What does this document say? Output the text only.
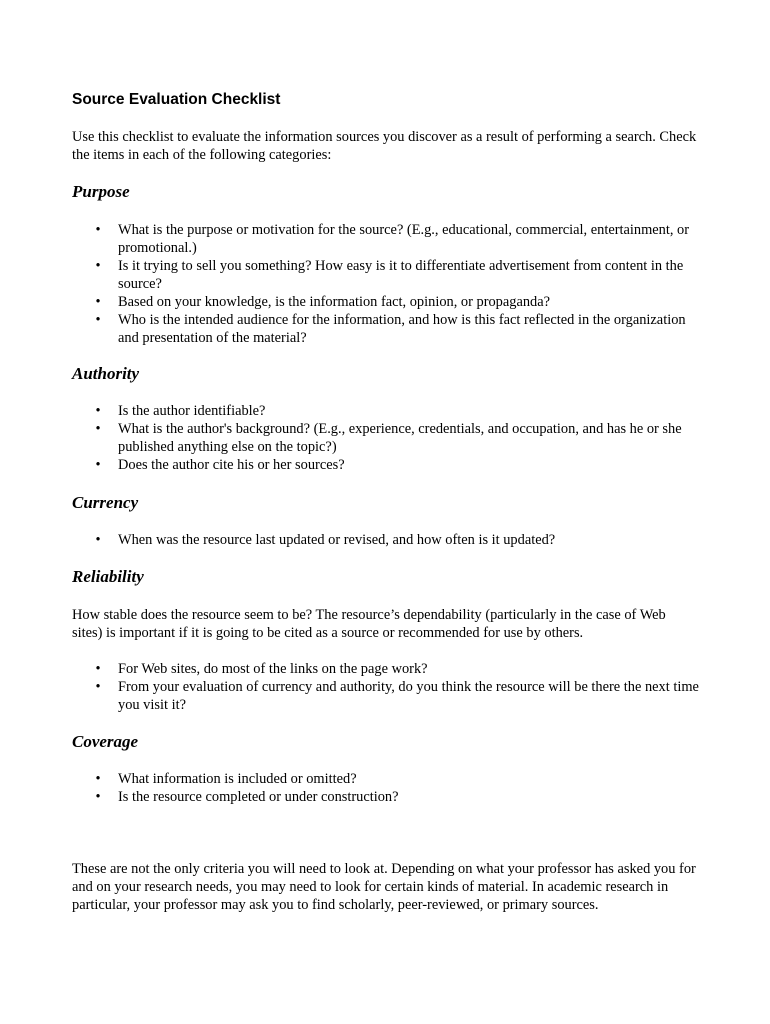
Source Evaluation Checklist

Use this checklist to evaluate the information sources you discover as a result of performing a search. Check the items in each of the following categories:

Purpose
• What is the purpose or motivation for the source? (E.g., educational, commercial, entertainment, or promotional.)
• Is it trying to sell you something? How easy is it to differentiate advertisement from content in the source?
• Based on your knowledge, is the information fact, opinion, or propaganda?
• Who is the intended audience for the information, and how is this fact reflected in the organization and presentation of the material?
Authority
• Is the author identifiable?
• What is the author's background? (E.g., experience, credentials, and occupation, and has he or she published anything else on the topic?)
• Does the author cite his or her sources?
Currency
• When was the resource last updated or revised, and how often is it updated?
Reliability

How stable does the resource seem to be? The resource’s dependability (particularly in the case of Web sites) is important if it is going to be cited as a source or recommended for use by others.

• For Web sites, do most of the links on the page work?
• From your evaluation of currency and authority, do you think the resource will be there the next time you visit it?
Coverage
• What information is included or omitted?
• Is the resource completed or under construction?

These are not the only criteria you will need to look at. Depending on what your professor has asked you for and on your research needs, you may need to look for certain kinds of material. In academic research in particular, your professor may ask you to find scholarly, peer-reviewed, or primary sources.
